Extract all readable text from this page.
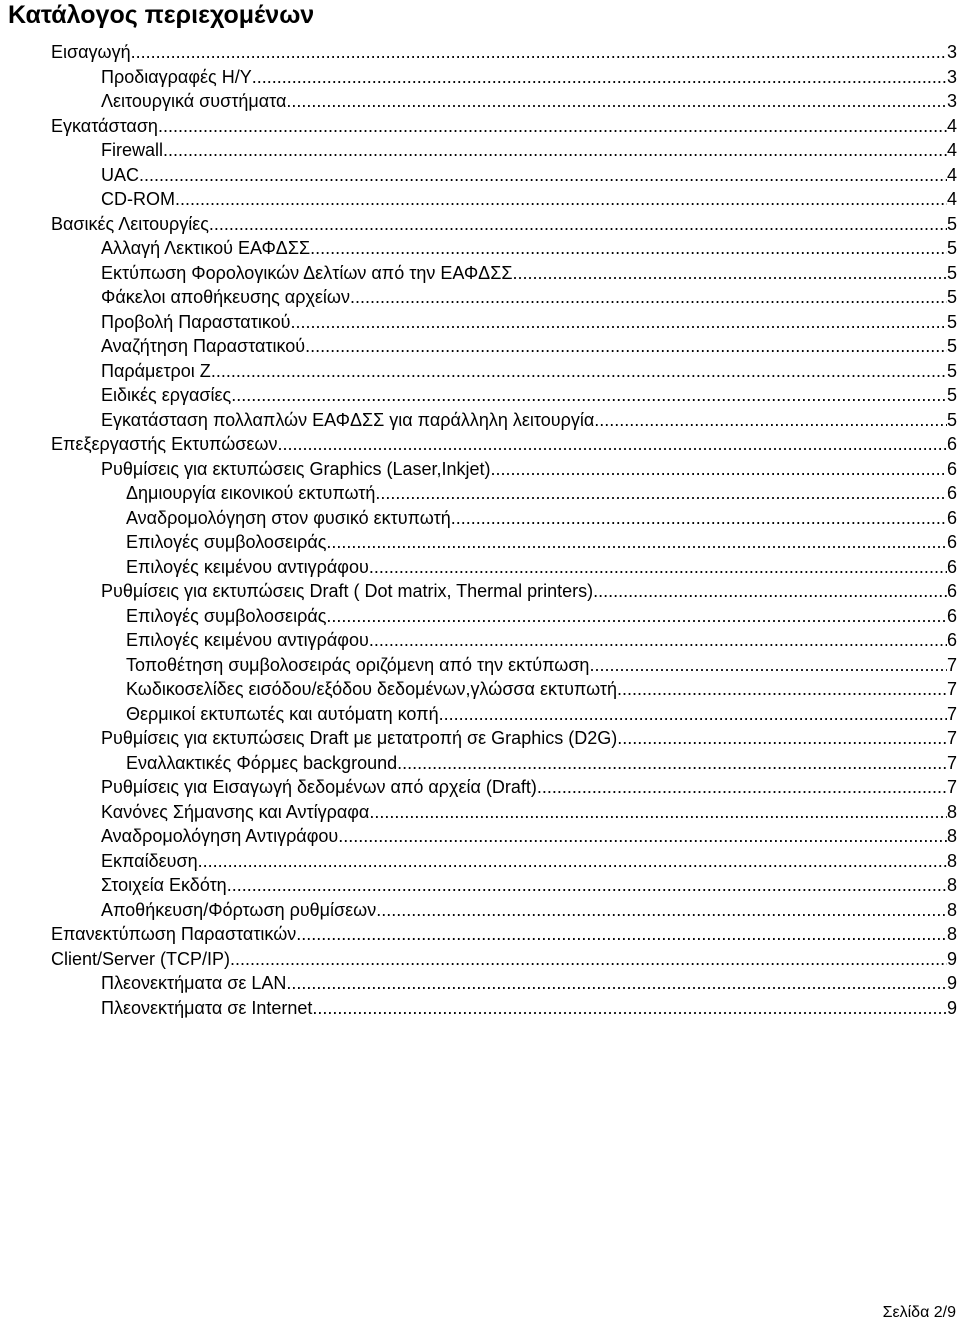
Κατάλογος περιεχομένων
Εισαγωγή .....	3
Προδιαγραφές Η/Υ .....	3
Λειτουργικά συστήματα .....	3
Εγκατάσταση .....	4
Firewall .....	4
UAC .....	4
CD-ROM .....	4
Βασικές Λειτουργίες .....	5
Αλλαγή Λεκτικού ΕΑΦΔΣΣ .....	5
Εκτύπωση Φορολογικών Δελτίων από την ΕΑΦΔΣΣ .....	5
Φάκελοι αποθήκευσης αρχείων .....	5
Προβολή Παραστατικού .....	5
Αναζήτηση Παραστατικού .....	5
Παράμετροι Ζ .....	5
Ειδικές εργασίες .....	5
Εγκατάσταση πολλαπλών ΕΑΦΔΣΣ για παράλληλη λειτουργία .....	5
Επεξεργαστής Εκτυπώσεων .....	6
Ρυθμίσεις για εκτυπώσεις Graphics (Laser,Inkjet) .....	6
Δημιουργία εικονικού εκτυπωτή .....	6
Αναδρομολόγηση στον φυσικό εκτυπωτή .....	6
Επιλογές συμβολοσειράς .....	6
Επιλογές κειμένου αντιγράφου .....	6
Ρυθμίσεις για εκτυπώσεις Draft ( Dot matrix, Thermal printers) .....	6
Επιλογές συμβολοσειράς .....	6
Επιλογές κειμένου αντιγράφου .....	6
Τοποθέτηση συμβολοσειράς οριζόμενη από την εκτύπωση .....	7
Κωδικοσελίδες εισόδου/εξόδου δεδομένων,γλώσσα εκτυπωτή .....	7
Θερμικοί εκτυπωτές και αυτόματη κοπή .....	7
Ρυθμίσεις για εκτυπώσεις Draft με μετατροπή σε Graphics (D2G) .....	7
Εναλλακτικές Φόρμες background .....	7
Ρυθμίσεις για Εισαγωγή δεδομένων από αρχεία (Draft) .....	7
Κανόνες Σήμανσης και Αντίγραφα .....	8
Αναδρομολόγηση Αντιγράφου .....	8
Εκπαίδευση .....	8
Στοιχεία Εκδότη .....	8
Αποθήκευση/Φόρτωση ρυθμίσεων .....	8
Επανεκτύπωση Παραστατικών .....	8
Client/Server (TCP/IP) .....	9
Πλεονεκτήματα σε LAN .....	9
Πλεονεκτήματα σε Internet .....	9
Σελίδα 2/9
